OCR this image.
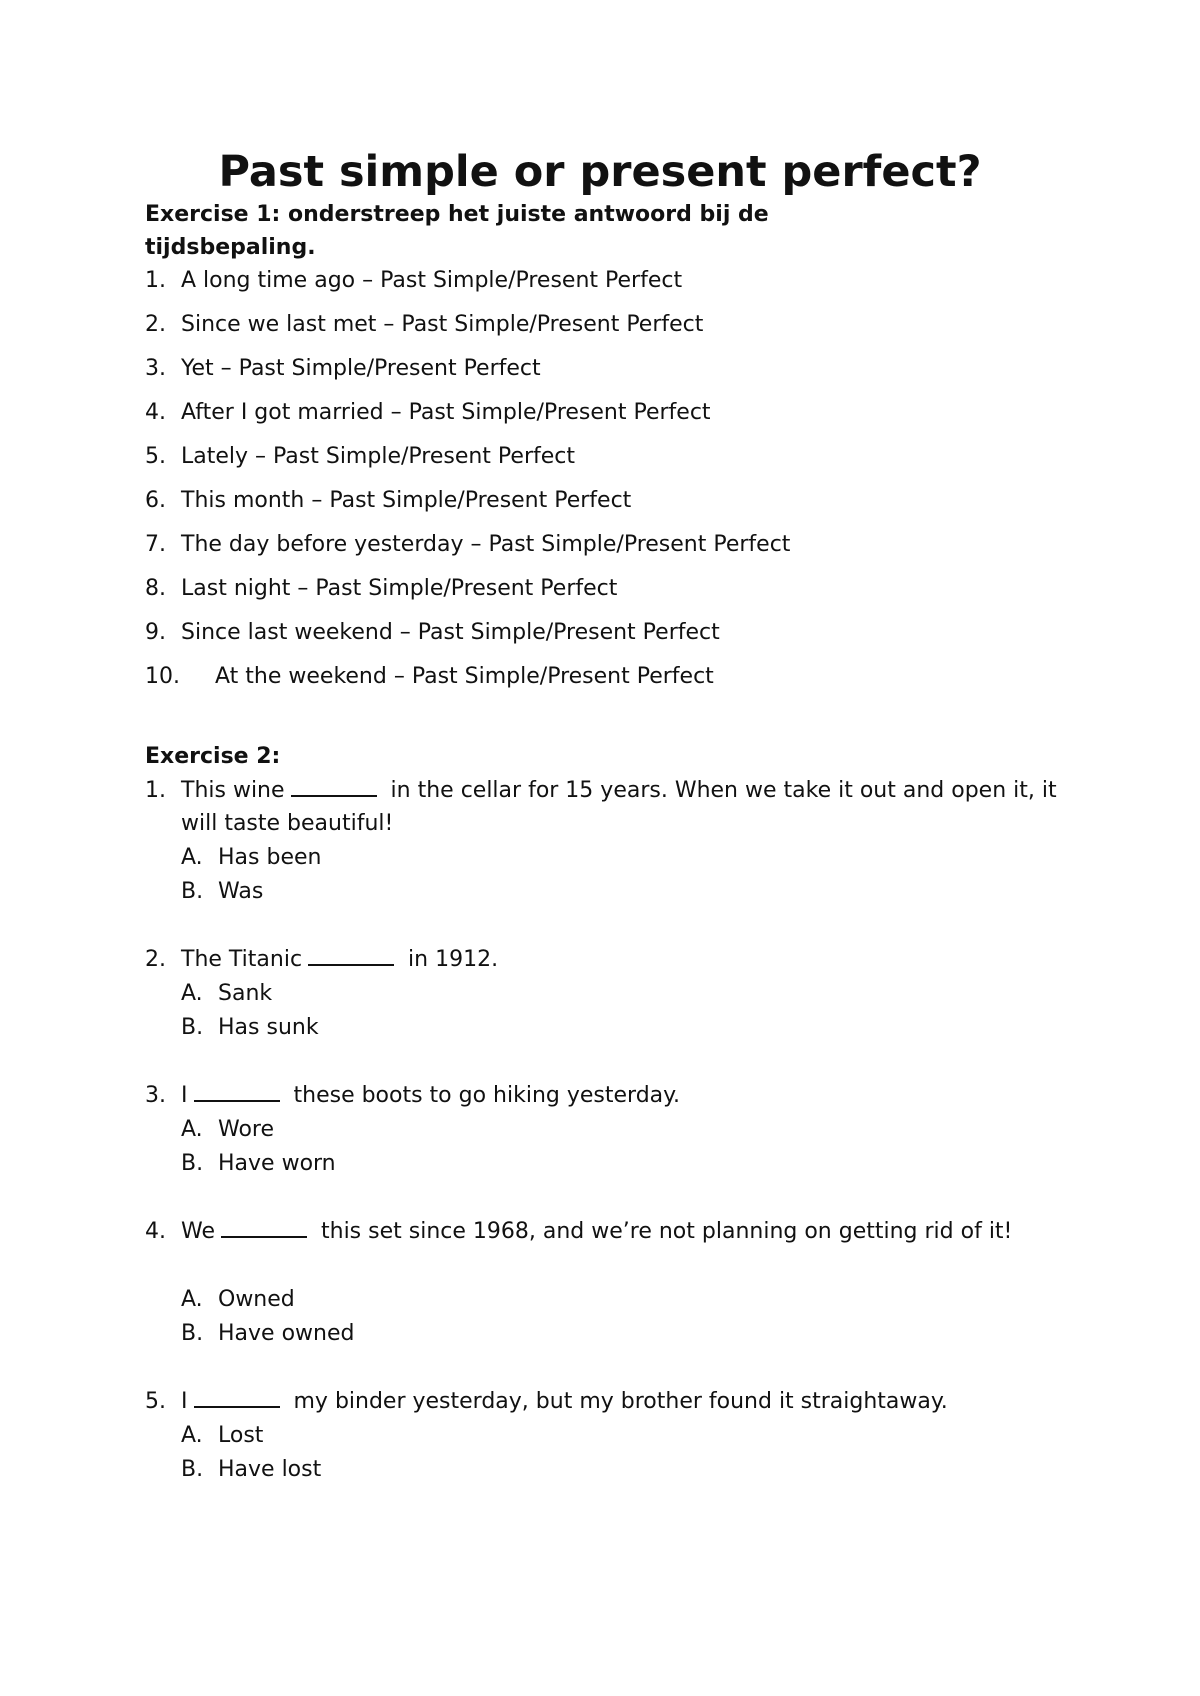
Past simple or present perfect?
Exercise 1: onderstreep het juiste antwoord bij de tijdsbepaling.
1. A long time ago – Past Simple/Present Perfect
2. Since we last met – Past Simple/Present Perfect
3. Yet – Past Simple/Present Perfect
4. After I got married – Past Simple/Present Perfect
5. Lately – Past Simple/Present Perfect
6. This month – Past Simple/Present Perfect
7. The day before yesterday – Past Simple/Present Perfect
8. Last night – Past Simple/Present Perfect
9. Since last weekend – Past Simple/Present Perfect
10. At the weekend – Past Simple/Present Perfect
Exercise 2:
1. This wine	in the cellar for 15 years. When we take it out and open it, it will taste beautiful!
A. Has been
B. Was
2. The Titanic	in 1912.
A. Sank
B. Has sunk
3. I	these boots to go hiking yesterday.
A. Wore
B. Have worn
4. We	this set since 1968, and we’re not planning on getting rid of it!
A. Owned
B. Have owned
5. I	my binder yesterday, but my brother found it straightaway.
A. Lost
B. Have lost
